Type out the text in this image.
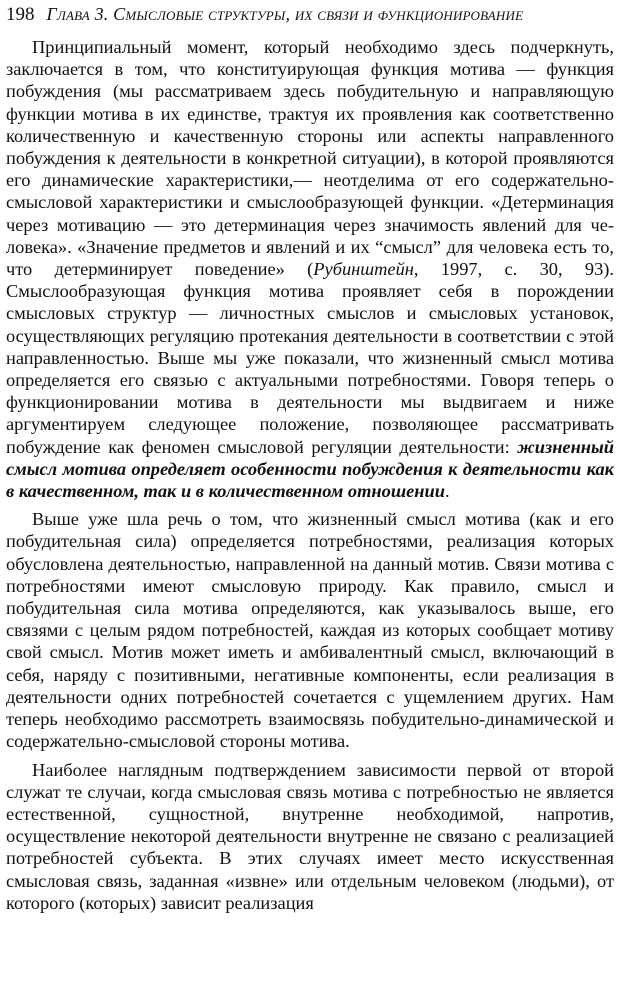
198 Глава 3. Смысловые структуры, их связи и функционирование

Принципиальный момент, который необходимо здесь подчеркнуть, заключается в том, что конституирующая функция мотива — функция побуждения (мы рассматриваем здесь побудительную и направляющую функции мотива в их единстве, трактуя их проявления как соответственно количественную и качественную стороны или аспекты направленного побуждения к деятельности в конкретной ситуации), в которой проявляются его динамические характеристики,— неотделима от его содержательно-смысловой характеристики и смыслообразующей функции. «Детерминация через мотивацию — это детерминация через значимость явлений для человека». «Значение предметов и явлений и их “смысл” для человека есть то, что детерминирует поведение» (Рубинштейн, 1997, с. 30, 93). Смыслообразующая функция мотива проявляет себя в порождении смысловых структур — личностных смыслов и смысловых установок, осуществляющих регуляцию протекания деятельности в соответствии с этой направленностью. Выше мы уже показали, что жизненный смысл мотива определяется его связью с актуальными потребностями. Говоря теперь о функционировании мотива в деятельности мы выдвигаем и ниже аргументируем следующее положение, позволяющее рассматривать побуждение как феномен смысловой регуляции деятельности: жизненный смысл мотива определяет особенности побуждения к деятельности как в качественном, так и в количественном отношении.

Выше уже шла речь о том, что жизненный смысл мотива (как и его побудительная сила) определяется потребностями, реализация которых обусловлена деятельностью, направленной на данный мотив. Связи мотива с потребностями имеют смысловую природу. Как правило, смысл и побудительная сила мотива определяются, как указывалось выше, его связями с целым рядом потребностей, каждая из которых сообщает мотиву свой смысл. Мотив может иметь и амбивалентный смысл, включающий в себя, наряду с позитивными, негативные компоненты, если реализация в деятельности одних потребностей сочетается с ущемлением других. Нам теперь необходимо рассмотреть взаимосвязь побудительно-динамической и содержательно-смысловой стороны мотива.

Наиболее наглядным подтверждением зависимости первой от второй служат те случаи, когда смысловая связь мотива с потребностью не является естественной, сущностной, внутренне необходимой, напротив, осуществление некоторой деятельности внутренне не связано с реализацией потребностей субъекта. В этих случаях имеет место искусственная смысловая связь, заданная «извне» или отдельным человеком (людьми), от которого (которых) зависит реализация
